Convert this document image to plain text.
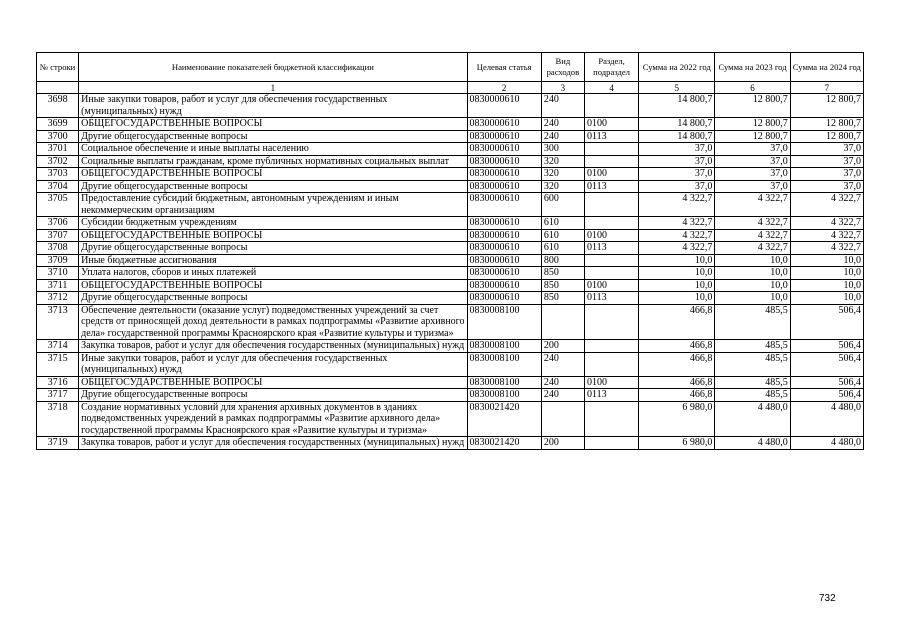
№ строки	Наименование показателей бюджетной классификации	Целевая статья	Вид расходов	Раздел, подраздел	Сумма на 2022 год	Сумма на 2023 год	Сумма на 2024 год
	1	2	3	4	5	6	7
3698	Иные закупки товаров, работ и услуг для обеспечения государственных (муниципальных) нужд	0830000610	240		14 800,7	12 800,7	12 800,7
3699	ОБЩЕГОСУДАРСТВЕННЫЕ ВОПРОСЫ	0830000610	240	0100	14 800,7	12 800,7	12 800,7
3700	Другие общегосударственные вопросы	0830000610	240	0113	14 800,7	12 800,7	12 800,7
3701	Социальное обеспечение и иные выплаты населению	0830000610	300		37,0	37,0	37,0
3702	Социальные выплаты гражданам, кроме публичных нормативных социальных выплат	0830000610	320		37,0	37,0	37,0
3703	ОБЩЕГОСУДАРСТВЕННЫЕ ВОПРОСЫ	0830000610	320	0100	37,0	37,0	37,0
3704	Другие общегосударственные вопросы	0830000610	320	0113	37,0	37,0	37,0
3705	Предоставление субсидий бюджетным, автономным учреждениям и иным некоммерческим организациям	0830000610	600		4 322,7	4 322,7	4 322,7
3706	Субсидии бюджетным учреждениям	0830000610	610		4 322,7	4 322,7	4 322,7
3707	ОБЩЕГОСУДАРСТВЕННЫЕ ВОПРОСЫ	0830000610	610	0100	4 322,7	4 322,7	4 322,7
3708	Другие общегосударственные вопросы	0830000610	610	0113	4 322,7	4 322,7	4 322,7
3709	Иные бюджетные ассигнования	0830000610	800		10,0	10,0	10,0
3710	Уплата налогов, сборов и иных платежей	0830000610	850		10,0	10,0	10,0
3711	ОБЩЕГОСУДАРСТВЕННЫЕ ВОПРОСЫ	0830000610	850	0100	10,0	10,0	10,0
3712	Другие общегосударственные вопросы	0830000610	850	0113	10,0	10,0	10,0
3713	Обеспечение деятельности (оказание услуг) подведомственных учреждений за счет средств от приносящей доход деятельности в рамках подпрограммы «Развитие архивного дела» государственной программы Красноярского края «Развитие культуры и туризма»	0830008100			466,8	485,5	506,4
3714	Закупка товаров, работ и услуг для обеспечения государственных (муниципальных) нужд	0830008100	200		466,8	485,5	506,4
3715	Иные закупки товаров, работ и услуг для обеспечения государственных (муниципальных) нужд	0830008100	240		466,8	485,5	506,4
3716	ОБЩЕГОСУДАРСТВЕННЫЕ ВОПРОСЫ	0830008100	240	0100	466,8	485,5	506,4
3717	Другие общегосударственные вопросы	0830008100	240	0113	466,8	485,5	506,4
3718	Создание нормативных условий для хранения архивных документов в зданиях подведомственных учреждений в рамках подпрограммы «Развитие архивного дела» государственной программы Красноярского края «Развитие культуры и туризма»	0830021420			6 980,0	4 480,0	4 480,0
3719	Закупка товаров, работ и услуг для обеспечения государственных (муниципальных) нужд	0830021420	200		6 980,0	4 480,0	4 480,0
732
